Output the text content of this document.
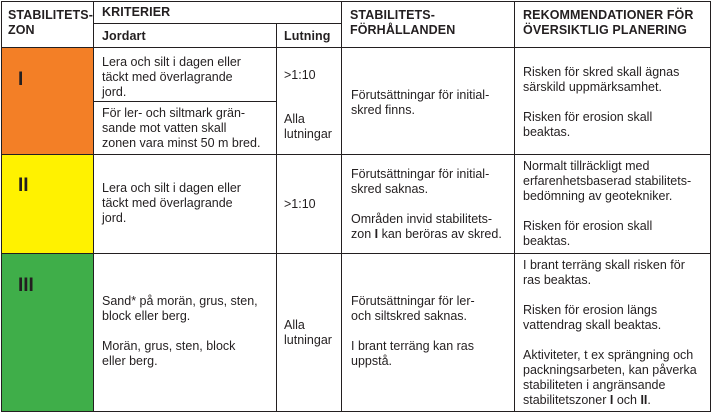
STABILITETS-
ZON
KRITERIER
Jordart	Lutning
STABILITETS-
FÖRHÅLLANDEN
REKOMMENDATIONER FÖR
ÖVERSIKTLIG PLANERING
I
Lera och silt i dagen eller
täckt med överlagrande
jord.
>1:10
För ler- och siltmark grän-
sande mot vatten skall
zonen vara minst 50 m bred.
Alla
lutningar
Förutsättningar för initial-
skred finns.
Risken för skred skall ägnas
särskild uppmärksamhet.
Risken för erosion skall
beaktas.
II	Lera och silt i dagen eller
täckt med överlagrande
jord.
>1:10
Förutsättningar för initial-
skred saknas.
Områden invid stabilitets-
zon I kan beröras av skred.
Normalt tillräckligt med
erfarenhetsbaserad stabilitets-
bedömning av geotekniker.
Risken för erosion skall
beaktas.
III
Sand* på morän, grus, sten,
block eller berg.
Morän, grus, sten, block
eller berg.
Alla
lutningar
Förutsättningar för ler-
och siltskred saknas.
I brant terräng kan ras
uppstå.
I brant terräng skall risken för
ras beaktas.
Risken för erosion längs
vattendrag skall beaktas.
Aktiviteter, t ex sprängning och
packningsarbeten, kan påverka
stabiliteten i angränsande
stabilitetszoner I och II.
